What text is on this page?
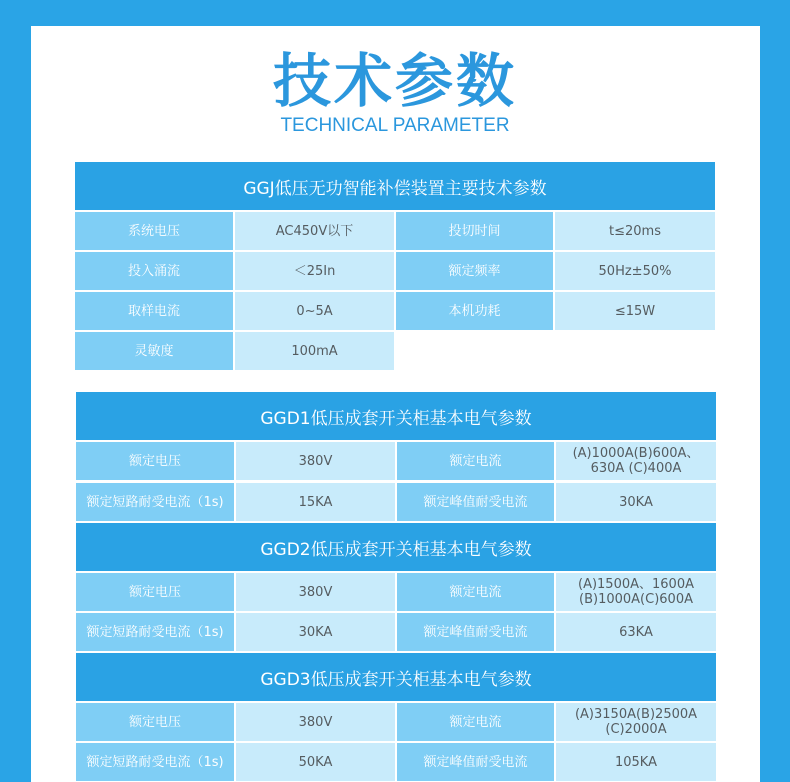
技术参数
TECHNICAL PARAMETER
GGJ低压无功智能补偿装置主要技术参数
系统电压	AC450V以下	投切时间	t≤20ms
投入涌流	＜25In	额定频率	50Hz±50%
取样电流	0~5A	本机功耗	≤15W
灵敏度	100mA
GGD1低压成套开关柜基本电气参数
额定电压	380V	额定电流	(A)1000A(B)600A、630A (C)400A
额定短路耐受电流（1s)	15KA	额定峰值耐受电流	30KA
GGD2低压成套开关柜基本电气参数
额定电压	380V	额定电流	(A)1500A、1600A (B)1000A(C)600A
额定短路耐受电流（1s)	30KA	额定峰值耐受电流	63KA
GGD3低压成套开关柜基本电气参数
额定电压	380V	额定电流	(A)3150A(B)2500A (C)2000A
额定短路耐受电流（1s)	50KA	额定峰值耐受电流	105KA
